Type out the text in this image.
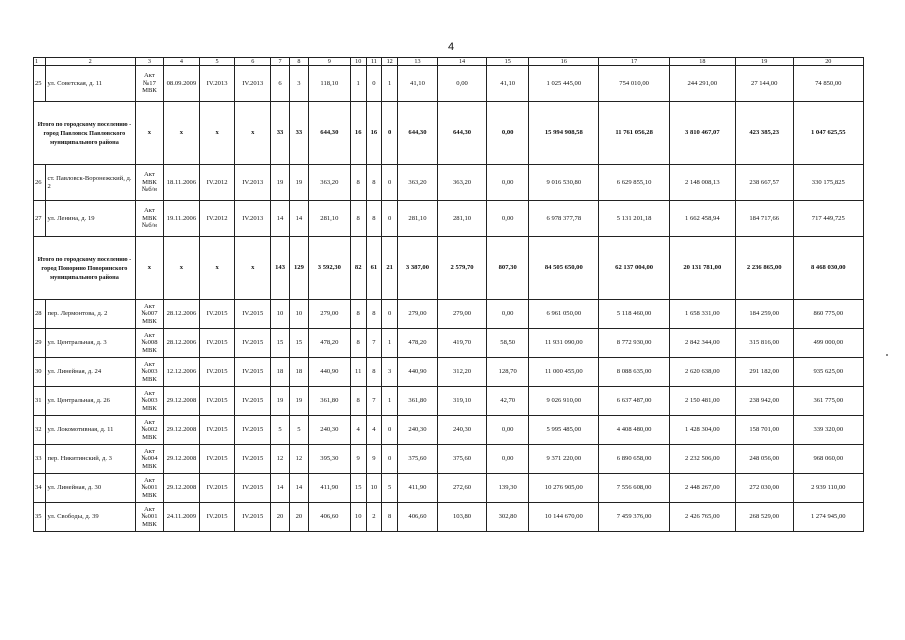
4
1	2	3	4	5	6	7	8	9	10	11	12	13	14	15	16	17	18	19	20
25	ул. Советская, д. 11	Акт №17 МВК	08.09.2009	IV.2013	IV.2013	6	3	118,10	1	0	1	41,10	0,00	41,10	1 025 445,00	754 010,00	244 291,00	27 144,00	74 850,00
Итого по городскому поселению - город Павловск Павловского муниципального района		x	x	x	x	33	33	644,30	16	16	0	644,30	644,30	0,00	15 994 908,58	11 761 056,28	3 810 467,07	423 385,23	1 047 625,55
26	ст. Павловск-Воронежский, д. 2	Акт МВК №б/н	18.11.2006	IV.2012	IV.2013	19	19	363,20	8	8	0	363,20	363,20	0,00	9 016 530,80	6 629 855,10	2 148 008,13	238 667,57	330 175,825
27	ул. Ленина, д. 19	Акт МВК №б/н	19.11.2006	IV.2012	IV.2013	14	14	281,10	8	8	0	281,10	281,10	0,00	6 978 377,78	5 131 201,18	1 662 458,94	184 717,66	717 449,725
Итого по городскому поселению - город Поворино Поворинского муниципального района		x	x	x	x	143	129	3 592,30	82	61	21	3 387,00	2 579,70	807,30	84 505 650,00	62 137 004,00	20 131 781,00	2 236 865,00	8 468 030,00
28	пер. Лермонтова, д. 2	Акт №007 МВК	28.12.2006	IV.2015	IV.2015	10	10	279,00	8	8	0	279,00	279,00	0,00	6 961 050,00	5 118 460,00	1 658 331,00	184 259,00	860 775,00
29	ул. Центральная, д. 3	Акт №008 МВК	28.12.2006	IV.2015	IV.2015	15	15	478,20	8	7	1	478,20	419,70	58,50	11 931 090,00	8 772 930,00	2 842 344,00	315 816,00	499 000,00
30	ул. Линейная, д. 24	Акт №003 МВК	12.12.2006	IV.2015	IV.2015	18	18	440,90	11	8	3	440,90	312,20	128,70	11 000 455,00	8 088 635,00	2 620 638,00	291 182,00	935 625,00
31	ул. Центральная, д. 26	Акт №003 МВК	29.12.2008	IV.2015	IV.2015	19	19	361,80	8	7	1	361,80	319,10	42,70	9 026 910,00	6 637 487,00	2 150 481,00	238 942,00	361 775,00
32	ул. Локомотивная, д. 11	Акт №002 МВК	29.12.2008	IV.2015	IV.2015	5	5	240,30	4	4	0	240,30	240,30	0,00	5 995 485,00	4 408 480,00	1 428 304,00	158 701,00	339 320,00
33	пер. Никитинский, д. 3	Акт №004 МВК	29.12.2008	IV.2015	IV.2015	12	12	395,30	9	9	0	375,60	375,60	0,00	9 371 220,00	6 890 658,00	2 232 506,00	248 056,00	968 060,00
34	ул. Линейная, д. 30	Акт №001 МВК	29.12.2008	IV.2015	IV.2015	14	14	411,90	15	10	5	411,90	272,60	139,30	10 276 905,00	7 556 608,00	2 448 267,00	272 030,00	2 939 110,00
35	ул. Свободы, д. 39	Акт №001 МВК	24.11.2009	IV.2015	IV.2015	20	20	406,60	10	2	8	406,60	103,80	302,80	10 144 670,00	7 459 376,00	2 426 765,00	268 529,00	1 274 945,00
